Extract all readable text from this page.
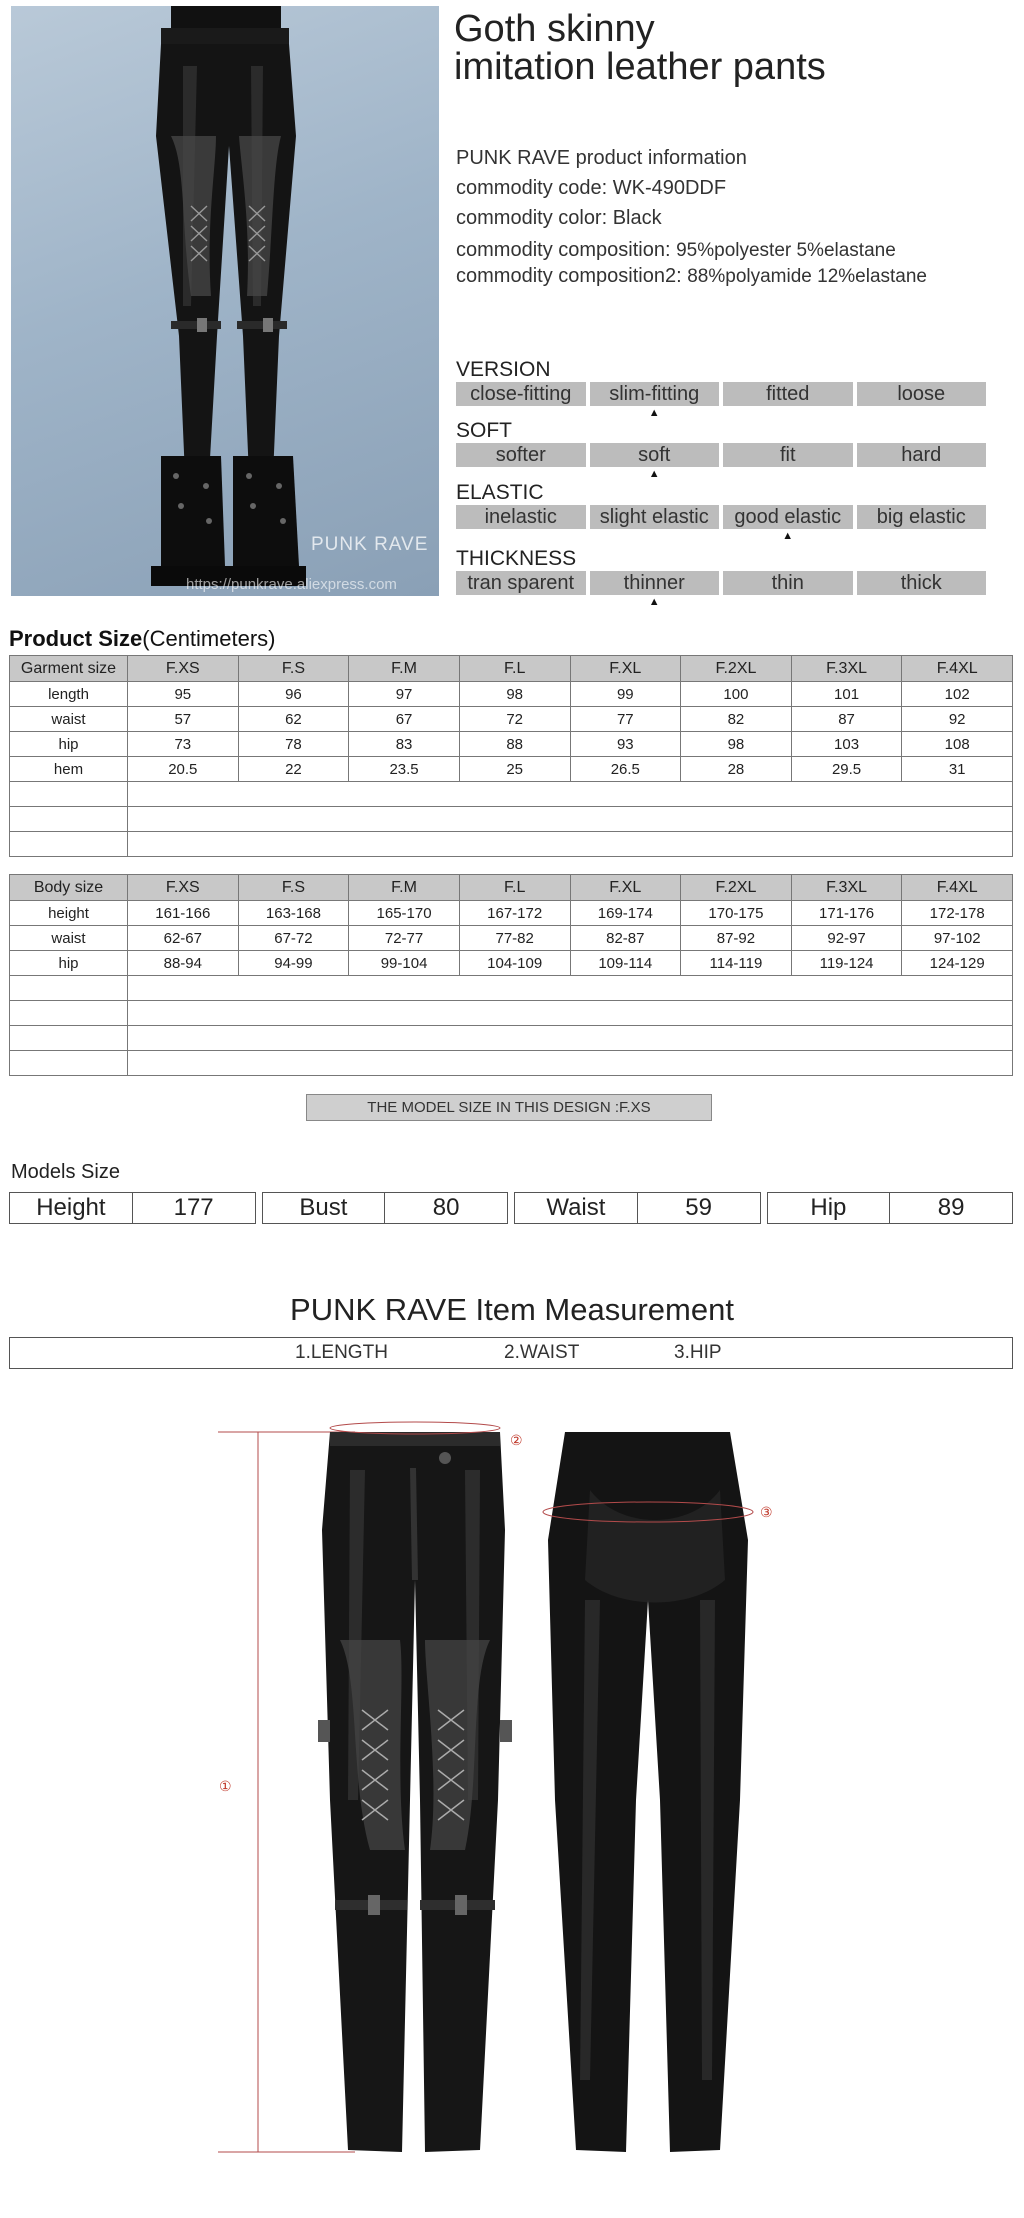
PUNK RAVE
https://punkrave.aliexpress.com
Goth skinny
imitation leather pants
PUNK RAVE product information
commodity code: WK-490DDF
commodity color: Black
commodity composition: 95%polyester 5%elastane
commodity composition2: 88%polyamide 12%elastane
VERSION
close-fitting	slim-fitting	fitted	loose
▲
SOFT
softer	soft	fit	hard
▲
ELASTIC
inelastic	slight elastic	good elastic	big elastic
▲
THICKNESS
tran sparent	thinner	thin	thick
▲
Product Size(Centimeters)
Garment size	F.XS	F.S	F.M	F.L	F.XL	F.2XL	F.3XL	F.4XL
length	95	96	97	98	99	100	101	102
waist	57	62	67	72	77	82	87	92
hip	73	78	83	88	93	98	103	108
hem	20.5	22	23.5	25	26.5	28	29.5	31

Body size	F.XS	F.S	F.M	F.L	F.XL	F.2XL	F.3XL	F.4XL
height	161-166	163-168	165-170	167-172	169-174	170-175	171-176	172-178
waist	62-67	67-72	72-77	77-82	82-87	87-92	92-97	97-102
hip	88-94	94-99	99-104	104-109	109-114	114-119	119-124	124-129

THE MODEL SIZE IN THIS DESIGN :F.XS
Models Size
Height	177	Bust	80	Waist	59	Hip	89
PUNK RAVE Item Measurement
1.LENGTH	2.WAIST	3.HIP
①
②
③
